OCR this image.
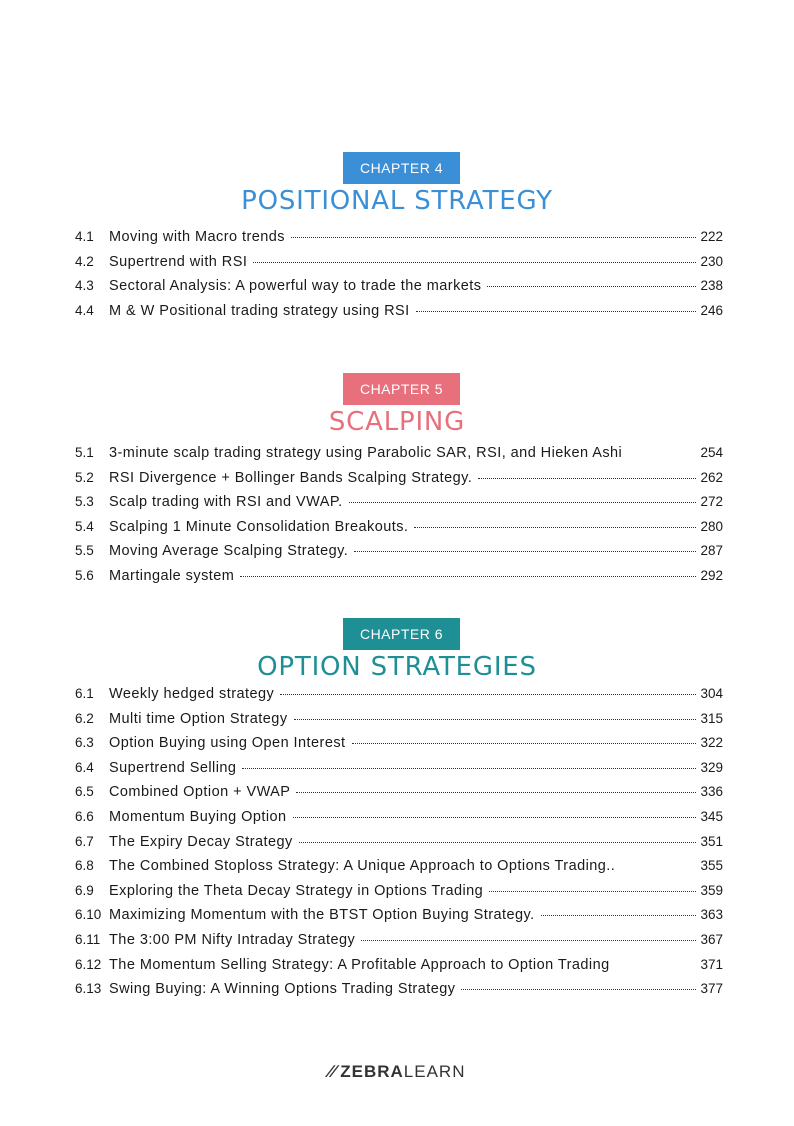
CHAPTER 4
POSITIONAL STRATEGY
4.1	Moving with Macro trends	222
4.2	Supertrend with RSI	230
4.3	Sectoral Analysis: A powerful way to trade the markets	238
4.4	M & W Positional trading strategy using RSI	246
CHAPTER 5
SCALPING
5.1	3-minute scalp trading strategy using Parabolic SAR, RSI, and Hieken Ashi	254
5.2	RSI Divergence + Bollinger Bands Scalping Strategy.	262
5.3	Scalp trading with RSI and VWAP.	272
5.4	Scalping 1 Minute Consolidation Breakouts.	280
5.5	Moving Average Scalping Strategy.	287
5.6	Martingale system	292
CHAPTER 6
OPTION STRATEGIES
6.1	Weekly hedged strategy	304
6.2	Multi time Option Strategy	315
6.3	Option Buying using Open Interest	322
6.4	Supertrend Selling	329
6.5	Combined Option + VWAP	336
6.6	Momentum Buying Option	345
6.7	The Expiry Decay Strategy	351
6.8	The Combined Stoploss Strategy: A Unique Approach to Options Trading..	355
6.9	Exploring the Theta Decay Strategy in Options Trading	359
6.10 Maximizing Momentum with the BTST Option Buying Strategy.	363
6.11 The 3:00 PM Nifty Intraday Strategy	367
6.12 The Momentum Selling Strategy: A Profitable Approach to Option Trading	371
6.13 Swing Buying: A Winning Options Trading Strategy	377
∕∕ ZEBRALEARN
